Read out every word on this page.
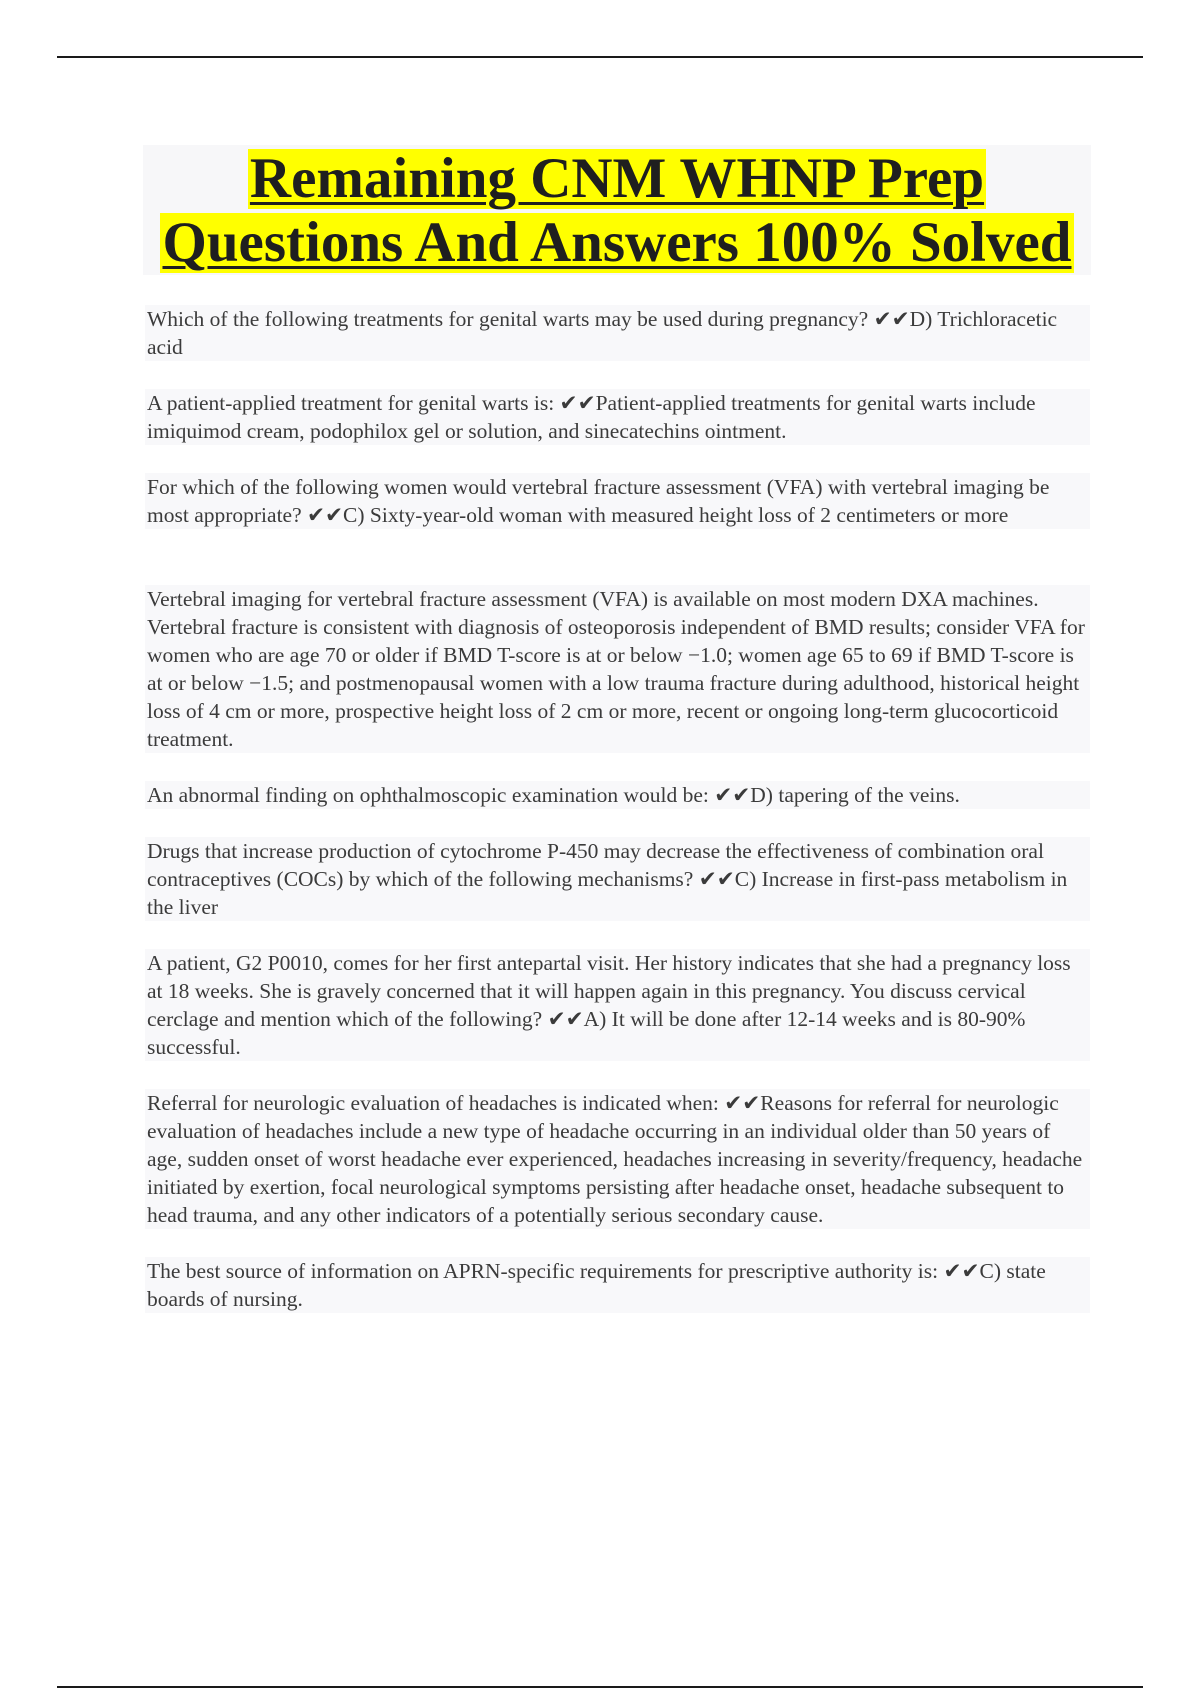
Remaining CNM WHNP Prep
Questions And Answers 100% Solved

Which of the following treatments for genital warts may be used during pregnancy? ✔✔D) Trichloracetic acid

A patient-applied treatment for genital warts is: ✔✔Patient-applied treatments for genital warts include imiquimod cream, podophilox gel or solution, and sinecatechins ointment.

For which of the following women would vertebral fracture assessment (VFA) with vertebral imaging be most appropriate? ✔✔C) Sixty-year-old woman with measured height loss of 2 centimeters or more

Vertebral imaging for vertebral fracture assessment (VFA) is available on most modern DXA machines. Vertebral fracture is consistent with diagnosis of osteoporosis independent of BMD results; consider VFA for women who are age 70 or older if BMD T-score is at or below −1.0; women age 65 to 69 if BMD T-score is at or below −1.5; and postmenopausal women with a low trauma fracture during adulthood, historical height loss of 4 cm or more, prospective height loss of 2 cm or more, recent or ongoing long-term glucocorticoid treatment.

An abnormal finding on ophthalmoscopic examination would be: ✔✔D) tapering of the veins.

Drugs that increase production of cytochrome P-450 may decrease the effectiveness of combination oral contraceptives (COCs) by which of the following mechanisms? ✔✔C) Increase in first-pass metabolism in the liver

A patient, G2 P0010, comes for her first antepartal visit. Her history indicates that she had a pregnancy loss at 18 weeks. She is gravely concerned that it will happen again in this pregnancy. You discuss cervical cerclage and mention which of the following? ✔✔A) It will be done after 12-14 weeks and is 80-90% successful.

Referral for neurologic evaluation of headaches is indicated when: ✔✔Reasons for referral for neurologic evaluation of headaches include a new type of headache occurring in an individual older than 50 years of age, sudden onset of worst headache ever experienced, headaches increasing in severity/frequency, headache initiated by exertion, focal neurological symptoms persisting after headache onset, headache subsequent to head trauma, and any other indicators of a potentially serious secondary cause.

The best source of information on APRN-specific requirements for prescriptive authority is: ✔✔C) state boards of nursing.
